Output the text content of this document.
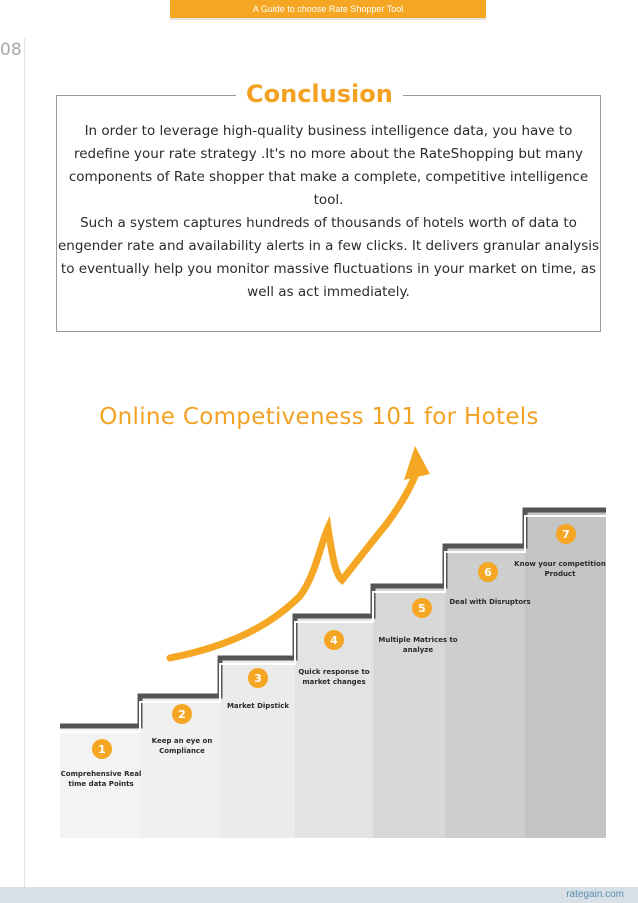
A Guide to choose Rate Shopper Tool
08
Conclusion

In order to leverage high-quality business intelligence data, you have to redefine your rate strategy .It's no more about the RateShopping but many components of Rate shopper that make a complete, competitive intelligence tool.

Such a system captures hundreds of thousands of hotels worth of data to engender rate and availability alerts in a few clicks. It delivers granular analysis to eventually help you monitor massive fluctuations in your market on time, as well as act immediately.

Online Competiveness 101 for Hotels
1
Comprehensive Real
time data Points
2
Keep an eye on
Compliance
3
Market Dipstick
4
Quick response to
market changes
5
Multiple Matrices to
analyze
6
Deal with Disruptors
7
Know your competition
Product
rategain.com
